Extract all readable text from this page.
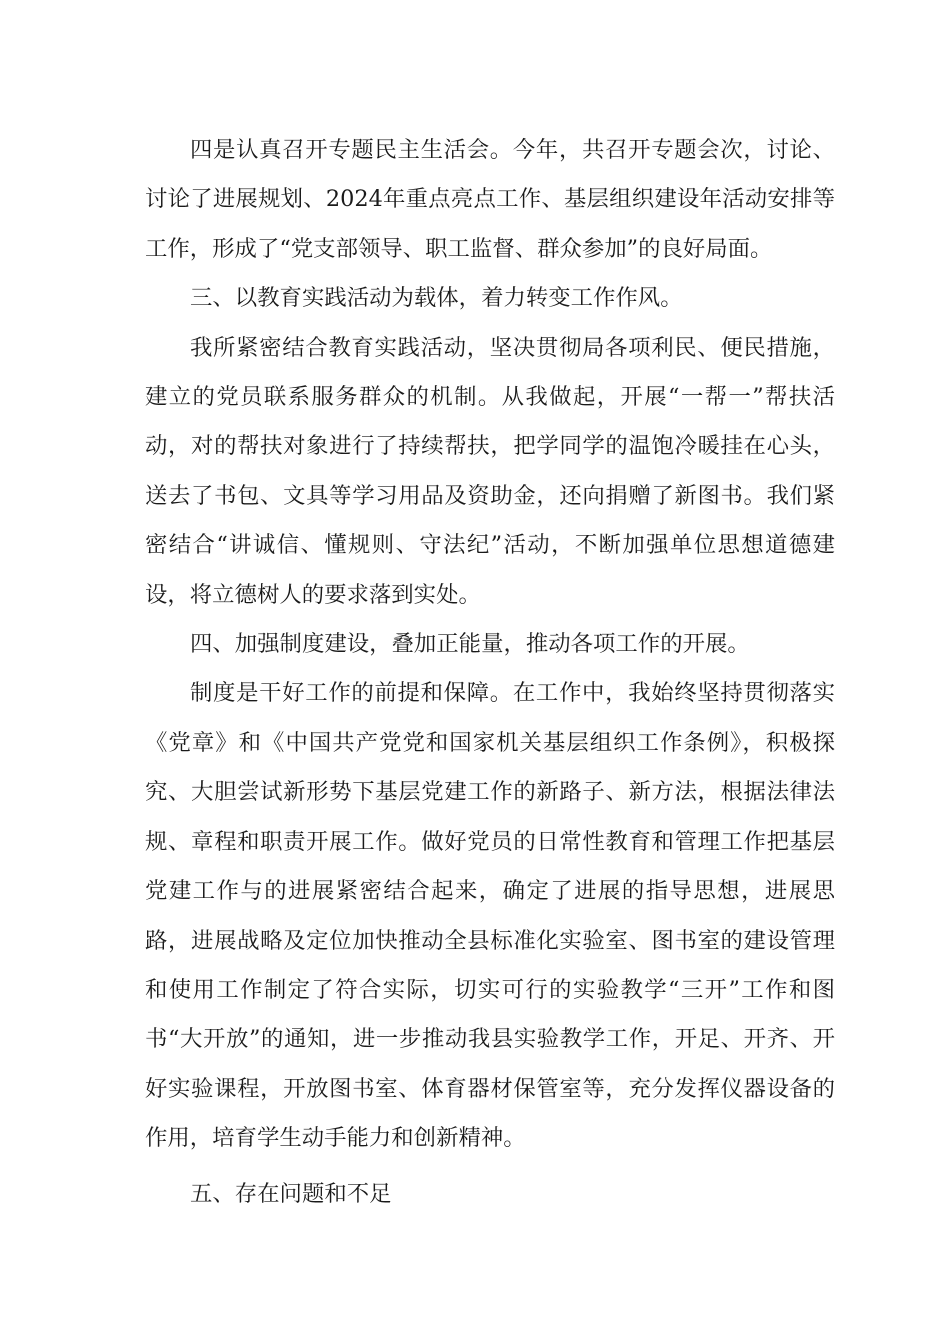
四是认真召开专题民主生活会。今年，共召开专题会次，讨论、讨论了进展规划、2024年重点亮点工作、基层组织建设年活动安排等工作，形成了“党支部领导、职工监督、群众参加”的良好局面。

三、以教育实践活动为载体，着力转变工作作风。

我所紧密结合教育实践活动，坚决贯彻局各项利民、便民措施，建立的党员联系服务群众的机制。从我做起，开展“一帮一”帮扶活动，对的帮扶对象进行了持续帮扶，把学同学的温饱冷暖挂在心头，送去了书包、文具等学习用品及资助金，还向捐赠了新图书。我们紧密结合“讲诚信、懂规则、守法纪”活动，不断加强单位思想道德建设，将立德树人的要求落到实处。

四、加强制度建设，叠加正能量，推动各项工作的开展。

制度是干好工作的前提和保障。在工作中，我始终坚持贯彻落实《党章》和《中国共产党党和国家机关基层组织工作条例》，积极探究、大胆尝试新形势下基层党建工作的新路子、新方法，根据法律法规、章程和职责开展工作。做好党员的日常性教育和管理工作把基层党建工作与的进展紧密结合起来，确定了进展的指导思想，进展思路，进展战略及定位加快推动全县标准化实验室、图书室的建设管理和使用工作制定了符合实际，切实可行的实验教学“三开”工作和图书“大开放”的通知，进一步推动我县实验教学工作，开足、开齐、开好实验课程，开放图书室、体育器材保管室等，充分发挥仪器设备的作用，培育学生动手能力和创新精神。

五、存在问题和不足
